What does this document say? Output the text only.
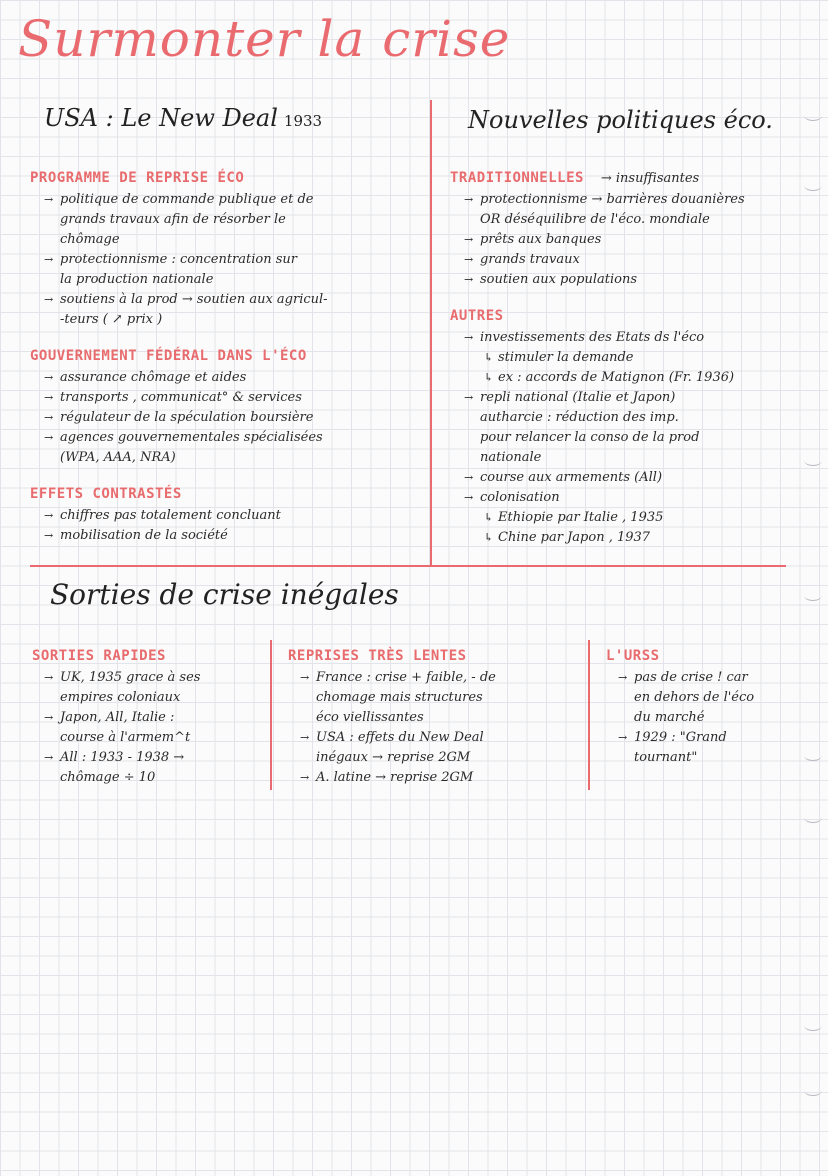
Surmonter la crise
USA : Le New Deal 1933	Nouvelles politiques éco.
PROGRAMME DE REPRISE ÉCO
→ politique de commande publique et de
grands travaux afin de résorber le
chômage
→ protectionnisme : concentration sur
la production nationale
→ soutiens à la prod → soutien aux agricul-
-teurs ( ↗ prix )
GOUVERNEMENT FÉDÉRAL DANS L'ÉCO
→ assurance chômage et aides
→ transports , communicat° & services
→ régulateur de la spéculation boursière
→ agences gouvernementales spécialisées
(WPA, AAA, NRA)
EFFETS CONTRASTÉS
→ chiffres pas totalement concluant
→ mobilisation de la société
TRADITIONNELLES → insuffisantes
→ protectionnisme → barrières douanières
OR déséquilibre de l'éco. mondiale
→ prêts aux banques
→ grands travaux
→ soutien aux populations
AUTRES
→ investissements des Etats ds l'éco
↳ stimuler la demande
↳ ex : accords de Matignon (Fr. 1936)
→ repli national (Italie et Japon)
autharcie : réduction des imp.
pour relancer la conso de la prod
nationale
→ course aux armements (All)
→ colonisation
↳ Ethiopie par Italie , 1935
↳ Chine par Japon , 1937
Sorties de crise inégales
SORTIES RAPIDES
→ UK, 1935 grace à ses
empires coloniaux
→ Japon, All, Italie :
course à l'armem^t
→ All : 1933 - 1938 →
chômage ÷ 10
REPRISES TRÈS LENTES
→ France : crise + faible, - de
chomage mais structures
éco viellissantes
→ USA : effets du New Deal
inégaux → reprise 2GM
→ A. latine → reprise 2GM
L'URSS
→ pas de crise ! car
en dehors de l'éco
du marché
→ 1929 : "Grand
tournant"
